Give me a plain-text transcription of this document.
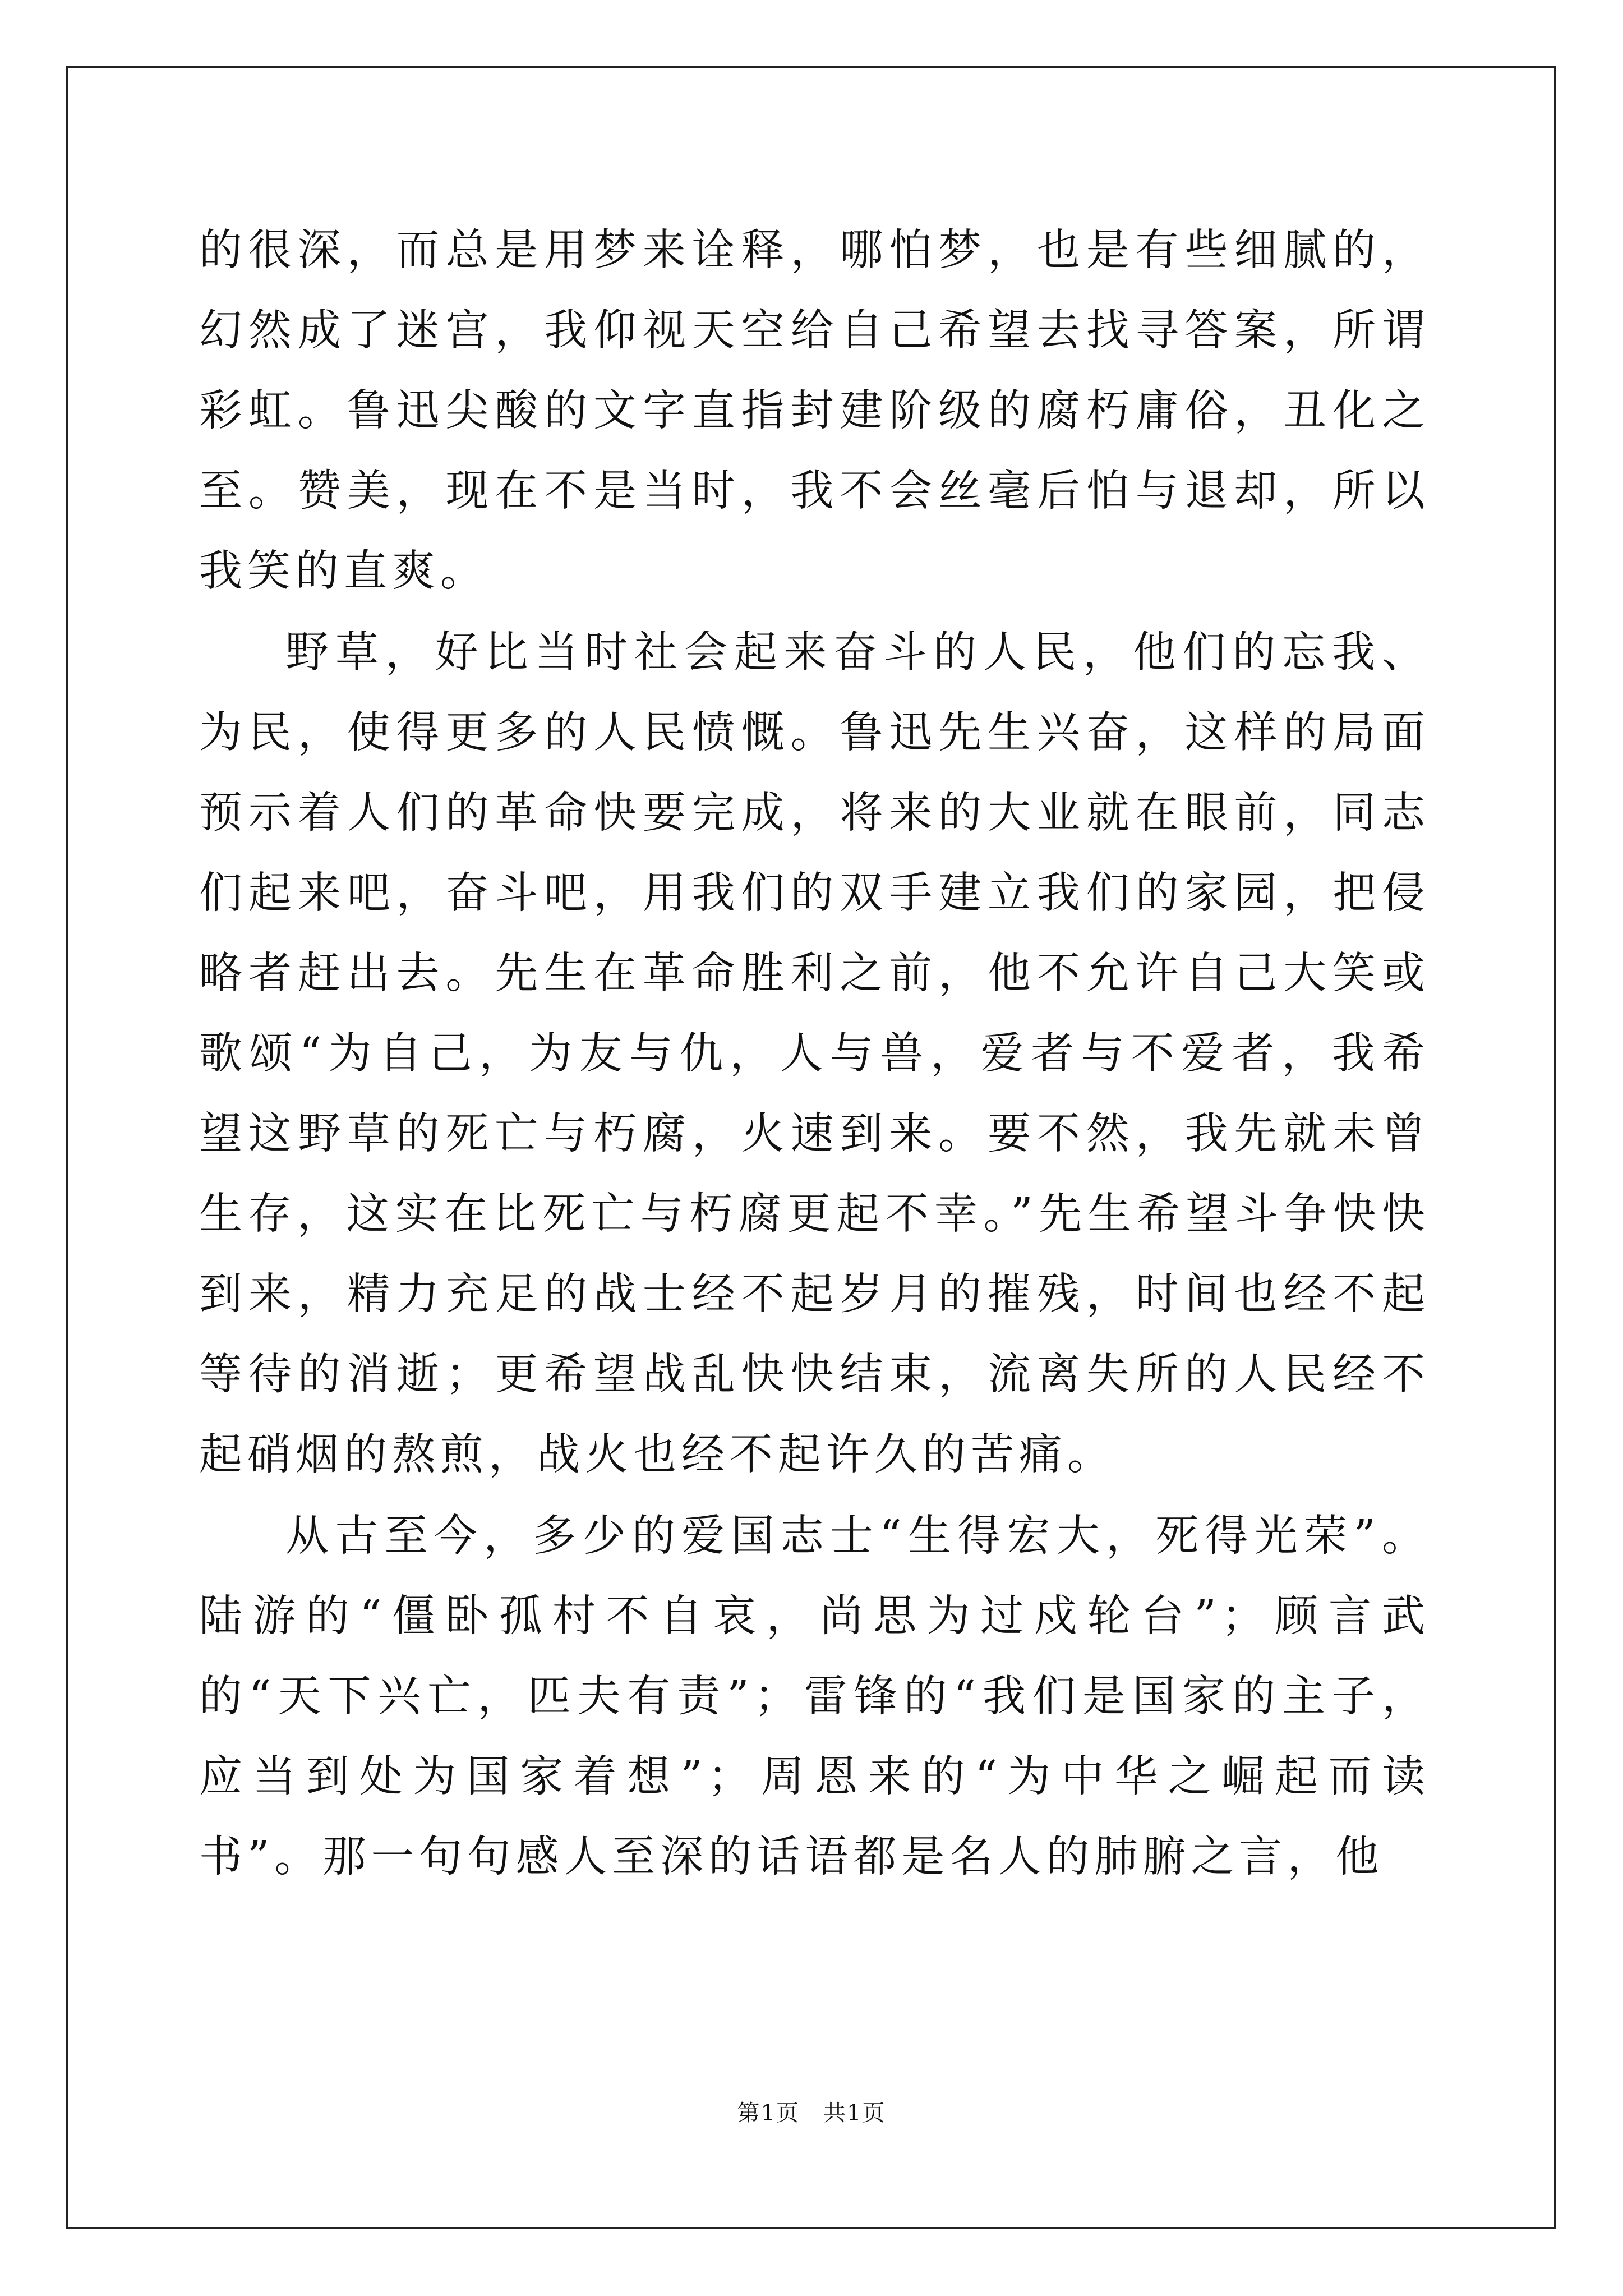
的很深，而总是用梦来诠释，哪怕梦，也是有些细腻的，幻然成了迷宫，我仰视天空给自己希望去找寻答案，所谓彩虹。鲁迅尖酸的文字直指封建阶级的腐朽庸俗，丑化之至。赞美，现在不是当时，我不会丝毫后怕与退却，所以我笑的直爽。

野草，好比当时社会起来奋斗的人民，他们的忘我、为民，使得更多的人民愤慨。鲁迅先生兴奋，这样的局面预示着人们的革命快要完成，将来的大业就在眼前，同志们起来吧，奋斗吧，用我们的双手建立我们的家园，把侵略者赶出去。先生在革命胜利之前，他不允许自己大笑或歌颂“为自己，为友与仇，人与兽，爱者与不爱者，我希望这野草的死亡与朽腐，火速到来。要不然，我先就未曾生存，这实在比死亡与朽腐更起不幸。”先生希望斗争快快到来，精力充足的战士经不起岁月的摧残，时间也经不起等待的消逝；更希望战乱快快结束，流离失所的人民经不起硝烟的熬煎，战火也经不起许久的苦痛。

从古至今，多少的爱国志士“生得宏大，死得光荣”。陆游的“僵卧孤村不自哀，尚思为过戍轮台”；顾言武的“天下兴亡，匹夫有责”；雷锋的“我们是国家的主子，应当到处为国家着想”；周恩来的“为中华之崛起而读书”。那一句句感人至深的话语都是名人的肺腑之言，他

第1页 共1页
